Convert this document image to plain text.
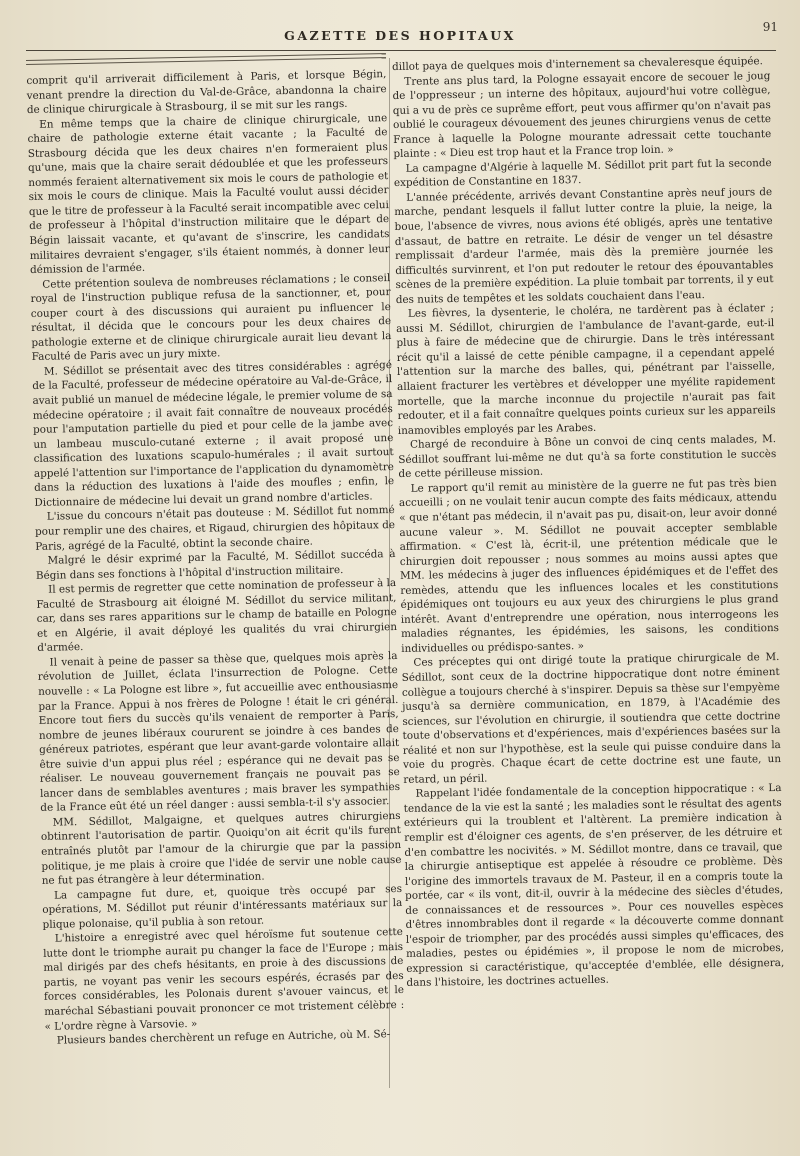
91
GAZETTE DES HOPITAUX

comprit qu'il arriverait difficilement à Paris, et lorsque Bégin, venant prendre la direction du Val-de-Grâce, abandonna la chaire de clinique chirurgicale à Strasbourg, il se mit sur les rangs.

En même temps que la chaire de clinique chirurgicale, une chaire de pathologie externe était vacante ; la Faculté de Strasbourg décida que les deux chaires n'en formeraient plus qu'une, mais que la chaire serait dédoublée et que les professeurs nommés feraient alternativement six mois le cours de pathologie et six mois le cours de clinique. Mais la Faculté voulut aussi décider que le titre de professeur à la Faculté serait incompatible avec celui de professeur à l'hôpital d'instruction militaire que le départ de Bégin laissait vacante, et qu'avant de s'inscrire, les candidats militaires devraient s'engager, s'ils étaient nommés, à donner leur démission de l'armée.

Cette prétention souleva de nombreuses réclamations ; le conseil royal de l'instruction publique refusa de la sanctionner, et, pour couper court à des discussions qui auraient pu influencer le résultat, il décida que le concours pour les deux chaires de pathologie externe et de clinique chirurgicale aurait lieu devant la Faculté de Paris avec un jury mixte.

M. Sédillot se présentait avec des titres considérables : agrégé de la Faculté, professeur de médecine opératoire au Val-de-Grâce, il avait publié un manuel de médecine légale, le premier volume de sa médecine opératoire ; il avait fait connaître de nouveaux procédés pour l'amputation partielle du pied et pour celle de la jambe avec un lambeau musculo-cutané externe ; il avait proposé une classification des luxations scapulo-humérales ; il avait surtout appelé l'attention sur l'importance de l'application du dynamomètre dans la réduction des luxations à l'aide des moufles ; enfin, le Dictionnaire de médecine lui devait un grand nombre d'articles.

L'issue du concours n'était pas douteuse : M. Sédillot fut nommé pour remplir une des chaires, et Rigaud, chirurgien des hôpitaux de Paris, agrégé de la Faculté, obtint la seconde chaire.

Malgré le désir exprimé par la Faculté, M. Sédillot succéda à Bégin dans ses fonctions à l'hôpital d'instruction militaire.

Il est permis de regretter que cette nomination de professeur à la Faculté de Strasbourg ait éloigné M. Sédillot du service militant, car, dans ses rares apparitions sur le champ de bataille en Pologne et en Algérie, il avait déployé les qualités du vrai chirurgien d'armée.

Il venait à peine de passer sa thèse que, quelques mois après la révolution de Juillet, éclata l'insurrection de Pologne. Cette nouvelle : « La Pologne est libre », fut accueillie avec enthousiasme par la France. Appui à nos frères de Pologne ! était le cri général. Encore tout fiers du succès qu'ils venaient de remporter à Paris, nombre de jeunes libéraux coururent se joindre à ces bandes de généreux patriotes, espérant que leur avant-garde volontaire allait être suivie d'un appui plus réel ; espérance qui ne devait pas se réaliser. Le nouveau gouvernement français ne pouvait pas se lancer dans de semblables aventures ; mais braver les sympathies de la France eût été un réel danger : aussi sembla-t-il s'y associer.

MM. Sédillot, Malgaigne, et quelques autres chirurgiens obtinrent l'autorisation de partir. Quoiqu'on ait écrit qu'ils furent entraînés plutôt par l'amour de la chirurgie que par la passion politique, je me plais à croire que l'idée de servir une noble cause ne fut pas étrangère à leur détermination.

La campagne fut dure, et, quoique très occupé par ses opérations, M. Sédillot put réunir d'intéressants matériaux sur la plique polonaise, qu'il publia à son retour.

L'histoire a enregistré avec quel héroïsme fut soutenue cette lutte dont le triomphe aurait pu changer la face de l'Europe ; mais mal dirigés par des chefs hésitants, en proie à des discussions de partis, ne voyant pas venir les secours espérés, écrasés par des forces considérables, les Polonais durent s'avouer vaincus, et le maréchal Sébastiani pouvait prononcer ce mot tristement célèbre : « L'ordre règne à Varsovie. »

Plusieurs bandes cherchèrent un refuge en Autriche, où M. Sé-

dillot paya de quelques mois d'internement sa chevaleresque équipée.

Trente ans plus tard, la Pologne essayait encore de secouer le joug de l'oppresseur ; un interne des hôpitaux, aujourd'hui votre collègue, qui a vu de près ce suprême effort, peut vous affirmer qu'on n'avait pas oublié le courageux dévouement des jeunes chirurgiens venus de cette France à laquelle la Pologne mourante adressait cette touchante plainte : « Dieu est trop haut et la France trop loin. »

La campagne d'Algérie à laquelle M. Sédillot prit part fut la seconde expédition de Constantine en 1837.

L'année précédente, arrivés devant Constantine après neuf jours de marche, pendant lesquels il fallut lutter contre la pluie, la neige, la boue, l'absence de vivres, nous avions été obligés, après une tentative d'assaut, de battre en retraite. Le désir de venger un tel désastre remplissait d'ardeur l'armée, mais dès la première journée les difficultés survinrent, et l'on put redouter le retour des épouvantables scènes de la première expédition. La pluie tombait par torrents, il y eut des nuits de tempêtes et les soldats couchaient dans l'eau.

Les fièvres, la dysenterie, le choléra, ne tardèrent pas à éclater ; aussi M. Sédillot, chirurgien de l'ambulance de l'avant-garde, eut-il plus à faire de médecine que de chirurgie. Dans le très intéressant récit qu'il a laissé de cette pénible campagne, il a cependant appelé l'attention sur la marche des balles, qui, pénétrant par l'aisselle, allaient fracturer les vertèbres et développer une myélite rapidement mortelle, que la marche inconnue du projectile n'aurait pas fait redouter, et il a fait connaître quelques points curieux sur les appareils inamovibles employés par les Arabes.

Chargé de reconduire à Bône un convoi de cinq cents malades, M. Sédillot souffrant lui-même ne dut qu'à sa forte constitution le succès de cette périlleuse mission.

Le rapport qu'il remit au ministère de la guerre ne fut pas très bien accueilli ; on ne voulait tenir aucun compte des faits médicaux, attendu « que n'étant pas médecin, il n'avait pas pu, disait-on, leur avoir donné aucune valeur ». M. Sédillot ne pouvait accepter semblable affirmation. « C'est là, écrit-il, une prétention médicale que le chirurgien doit repousser ; nous sommes au moins aussi aptes que MM. les médecins à juger des influences épidémiques et de l'effet des remèdes, attendu que les influences locales et les constitutions épidémiques ont toujours eu aux yeux des chirurgiens le plus grand intérêt. Avant d'entreprendre une opération, nous interrogeons les maladies régnantes, les épidémies, les saisons, les conditions individuelles ou prédispo-santes. »

Ces préceptes qui ont dirigé toute la pratique chirurgicale de M. Sédillot, sont ceux de la doctrine hippocratique dont notre éminent collègue a toujours cherché à s'inspirer. Depuis sa thèse sur l'empyème jusqu'à sa dernière communication, en 1879, à l'Académie des sciences, sur l'évolution en chirurgie, il soutiendra que cette doctrine toute d'observations et d'expériences, mais d'expériences basées sur la réalité et non sur l'hypothèse, est la seule qui puisse conduire dans la voie du progrès. Chaque écart de cette doctrine est une faute, un retard, un péril.

Rappelant l'idée fondamentale de la conception hippocratique : « La tendance de la vie est la santé ; les maladies sont le résultat des agents extérieurs qui la troublent et l'altèrent. La première indication à remplir est d'éloigner ces agents, de s'en préserver, de les détruire et d'en combattre les nocivités. » M. Sédillot montre, dans ce travail, que la chirurgie antiseptique est appelée à résoudre ce problème. Dès l'origine des immortels travaux de M. Pasteur, il en a compris toute la portée, car « ils vont, dit-il, ouvrir à la médecine des siècles d'études, de connaissances et de ressources ». Pour ces nouvelles espèces d'êtres innombrables dont il regarde « la découverte comme donnant l'espoir de triompher, par des procédés aussi simples qu'efficaces, des maladies, pestes ou épidémies », il propose le nom de microbes, expression si caractéristique, qu'acceptée d'emblée, elle désignera, dans l'histoire, les doctrines actuelles.
